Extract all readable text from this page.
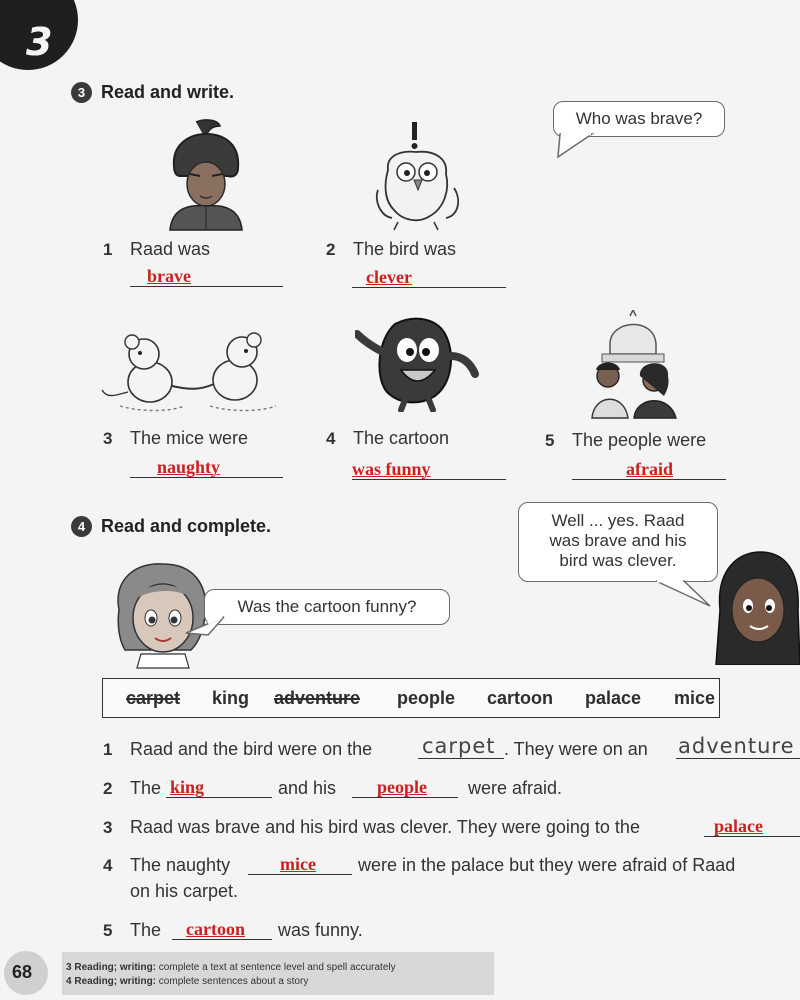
3
3 Read and write.
Who was brave?
1 Raad was
brave
2 The bird was
clever
3 The mice were
naughty
4 The cartoon
was funny
5 The people were
afraid
4 Read and complete.	Well ... yes. Raad
was brave and his
bird was clever.
Was the cartoon funny?
carpet king adventure people cartoon palace mice
1 Raad and the bird were on the carpet . They were on an adventure
2 The king	and his people were afraid.
3 Raad was brave and his bird was clever. They were going to the	palace
4 The naughty	mice were in the palace but they were afraid of Raad
on his carpet.
5 The cartoon was funny.
68	3 Reading; writing: complete a text at sentence level and spell accurately
4 Reading; writing: complete sentences about a story
